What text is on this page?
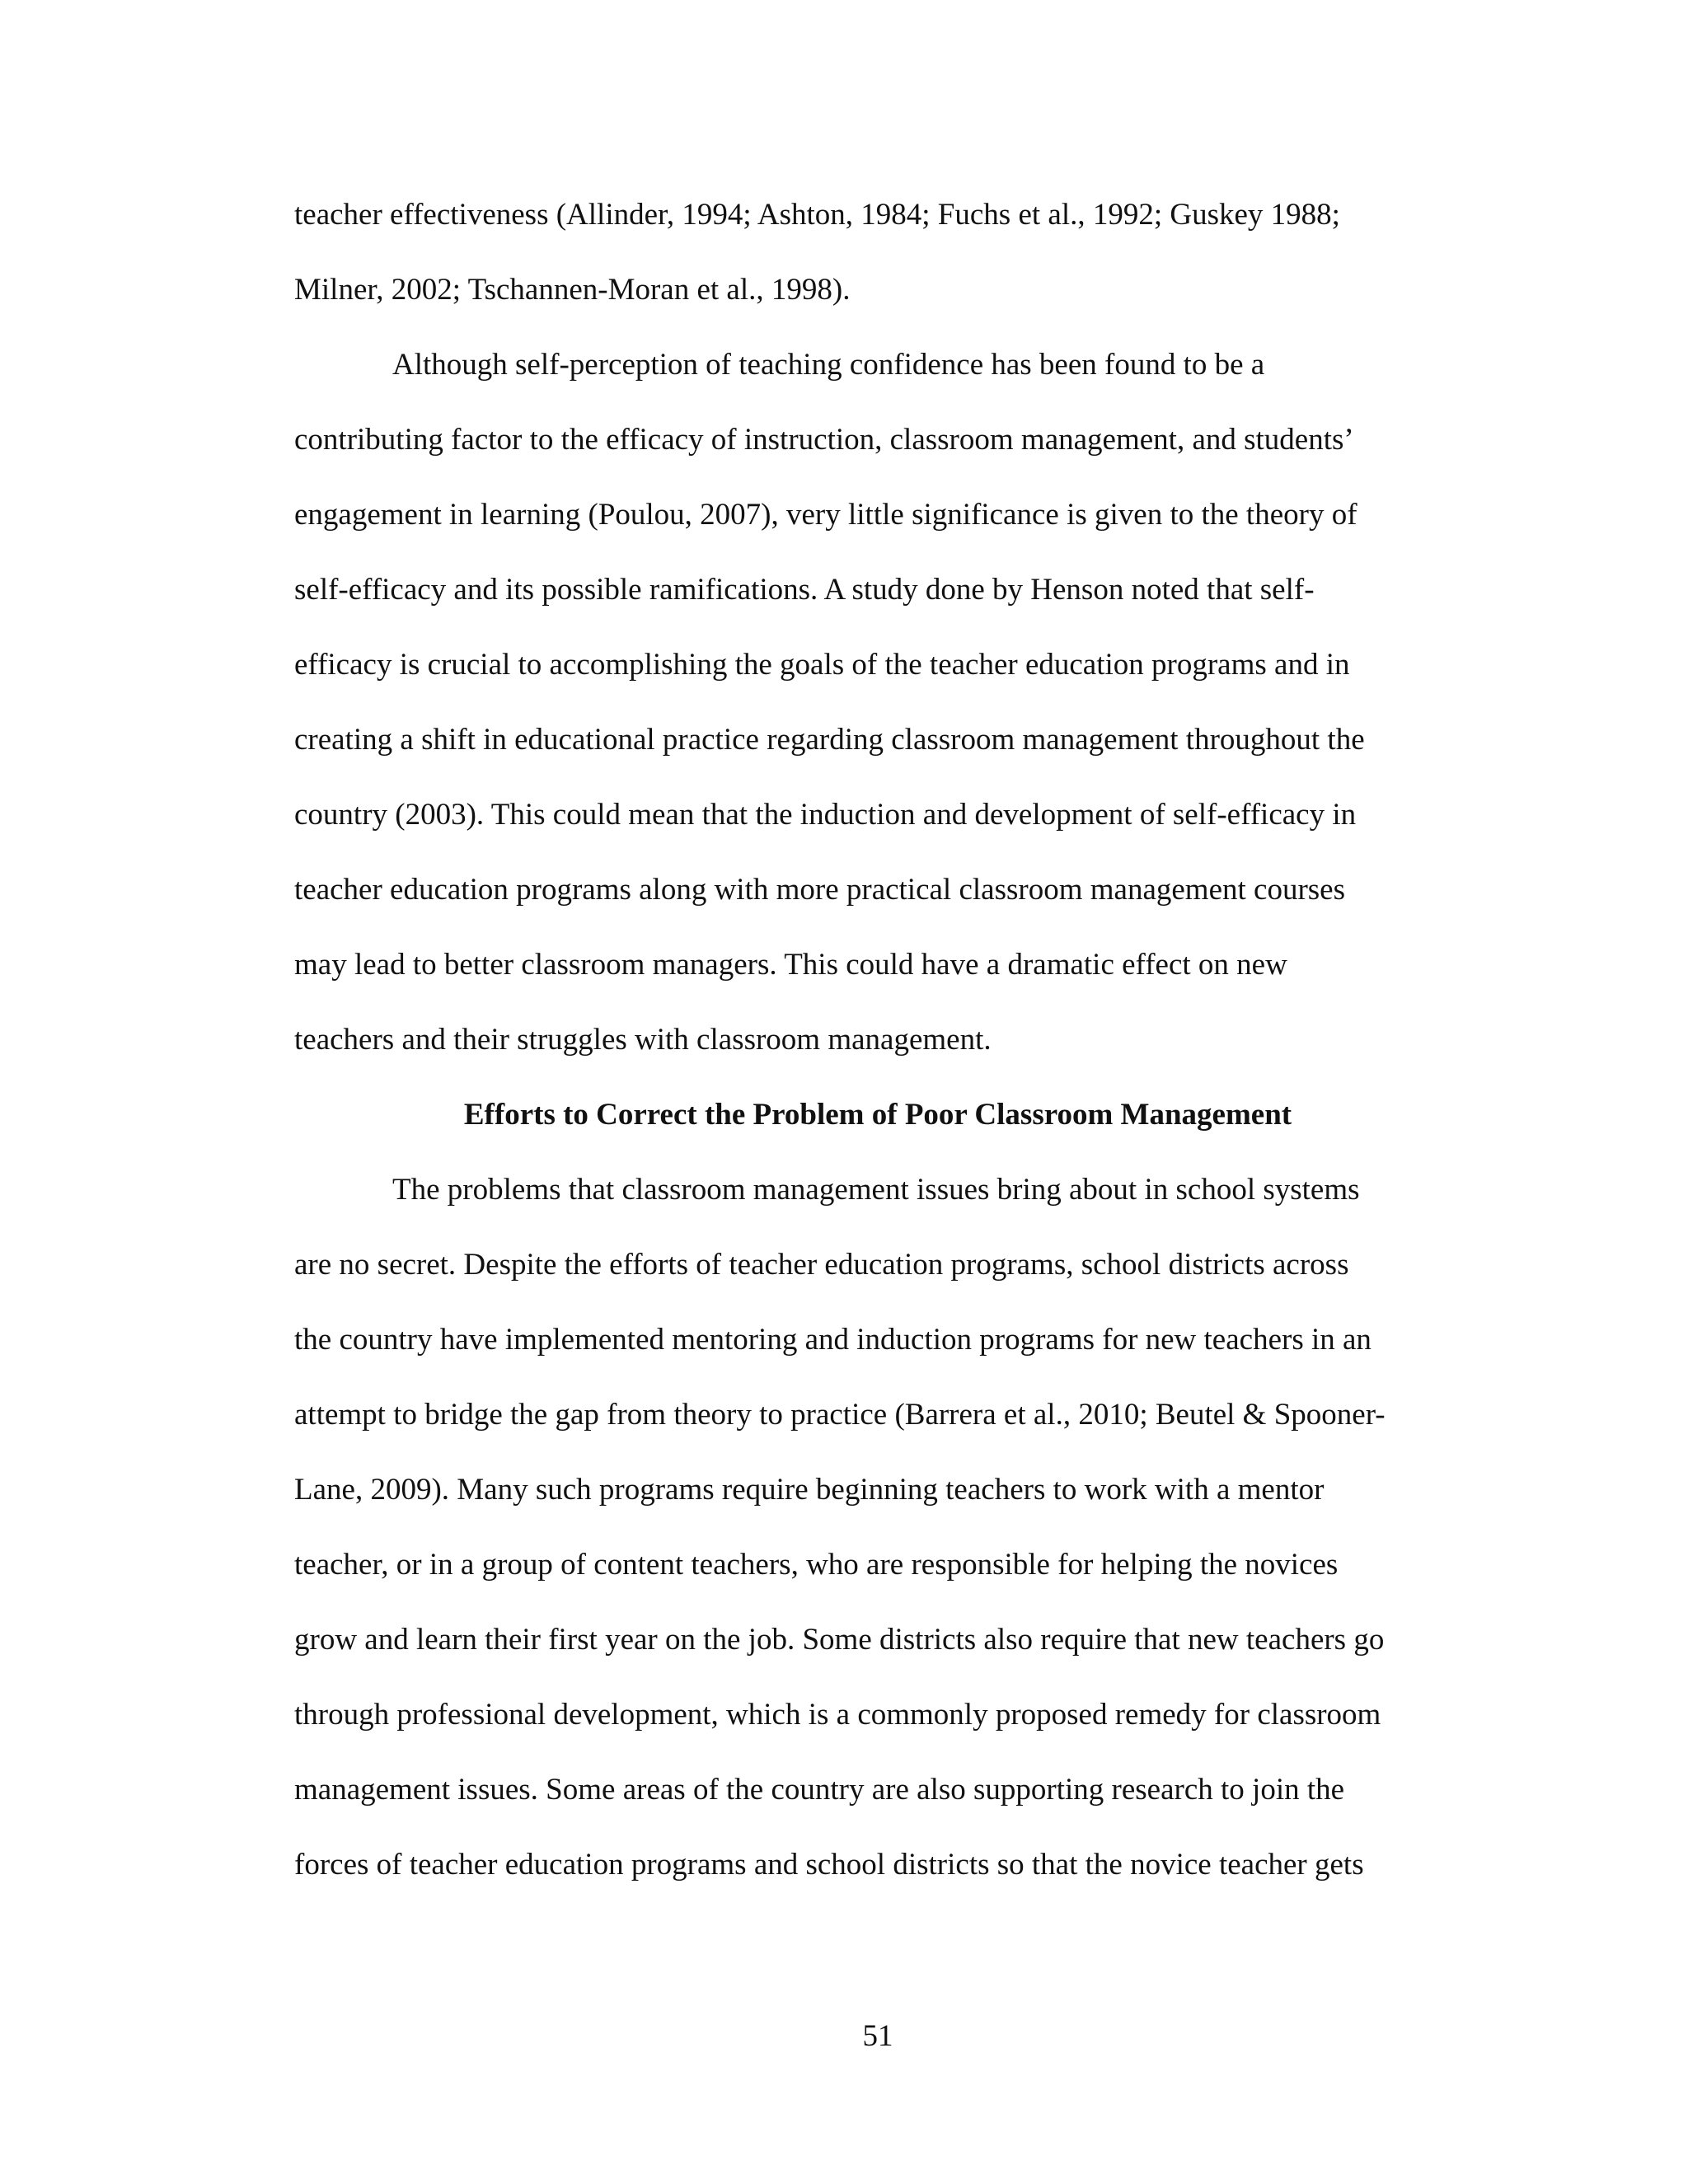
teacher effectiveness (Allinder, 1994; Ashton, 1984; Fuchs et al., 1992; Guskey 1988;

Milner, 2002; Tschannen-Moran et al., 1998).

Although self-perception of teaching confidence has been found to be a

contributing factor to the efficacy of instruction, classroom management, and students’

engagement in learning (Poulou, 2007), very little significance is given to the theory of

self-efficacy and its possible ramifications. A study done by Henson noted that self-

efficacy is crucial to accomplishing the goals of the teacher education programs and in

creating a shift in educational practice regarding classroom management throughout the

country (2003). This could mean that the induction and development of self-efficacy in

teacher education programs along with more practical classroom management courses

may lead to better classroom managers. This could have a dramatic effect on new

teachers and their struggles with classroom management.

Efforts to Correct the Problem of Poor Classroom Management

The problems that classroom management issues bring about in school systems

are no secret. Despite the efforts of teacher education programs, school districts across

the country have implemented mentoring and induction programs for new teachers in an

attempt to bridge the gap from theory to practice (Barrera et al., 2010; Beutel & Spooner-

Lane, 2009). Many such programs require beginning teachers to work with a mentor

teacher, or in a group of content teachers, who are responsible for helping the novices

grow and learn their first year on the job. Some districts also require that new teachers go

through professional development, which is a commonly proposed remedy for classroom

management issues. Some areas of the country are also supporting research to join the

forces of teacher education programs and school districts so that the novice teacher gets

51
